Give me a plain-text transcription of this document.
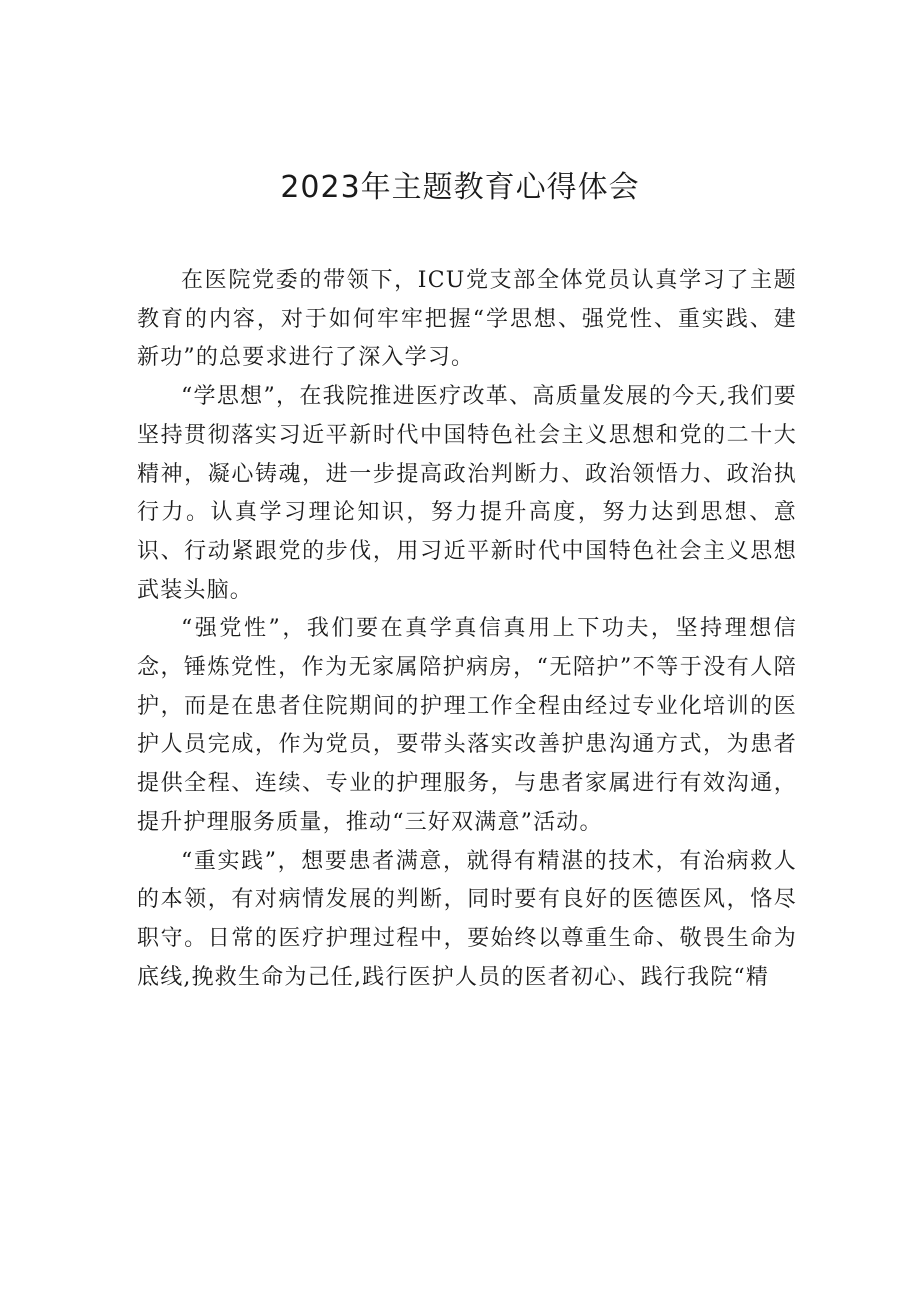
2023年主题教育心得体会

在医院党委的带领下，ICU党支部全体党员认真学习了主题教育的内容，对于如何牢牢把握“学思想、强党性、重实践、建新功”的总要求进行了深入学习。

“学思想”，在我院推进医疗改革、高质量发展的今天,我们要坚持贯彻落实习近平新时代中国特色社会主义思想和党的二十大精神，凝心铸魂，进一步提高政治判断力、政治领悟力、政治执行力。认真学习理论知识，努力提升高度，努力达到思想、意识、行动紧跟党的步伐，用习近平新时代中国特色社会主义思想武装头脑。

“强党性”，我们要在真学真信真用上下功夫，坚持理想信念，锤炼党性，作为无家属陪护病房，“无陪护”不等于没有人陪护，而是在患者住院期间的护理工作全程由经过专业化培训的医护人员完成，作为党员，要带头落实改善护患沟通方式，为患者提供全程、连续、专业的护理服务，与患者家属进行有效沟通，提升护理服务质量，推动“三好双满意”活动。

“重实践”，想要患者满意，就得有精湛的技术，有治病救人的本领，有对病情发展的判断，同时要有良好的医德医风，恪尽职守。日常的医疗护理过程中，要始终以尊重生命、敬畏生命为底线,挽救生命为己任,践行医护人员的医者初心、践行我院“精
